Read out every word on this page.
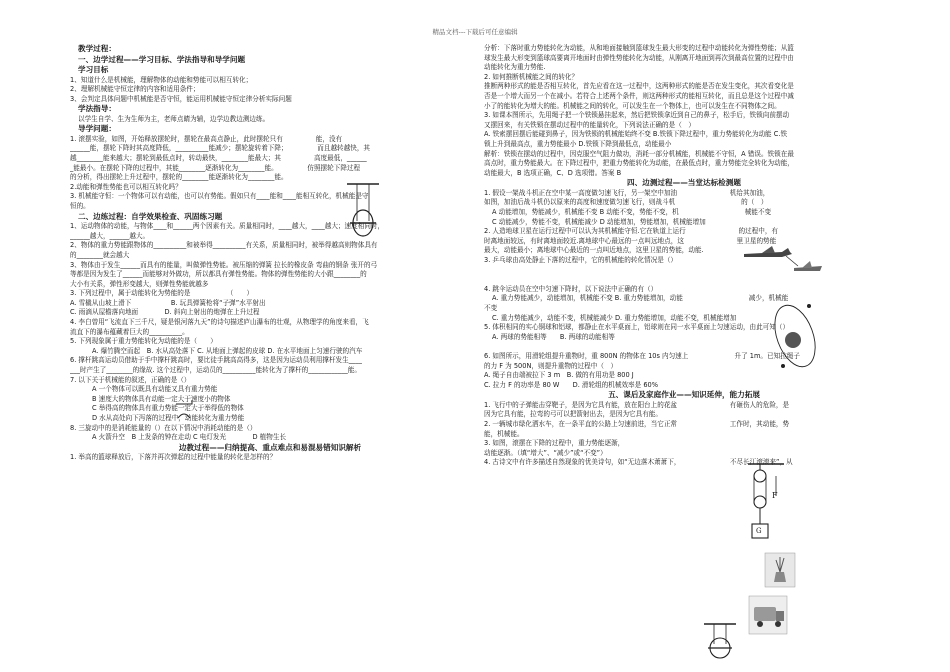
精品文档---下载后可任意编辑
教学过程：
一、边学过程——学习目标、学法指导和导学问题
学习目标
1、知道什么是机械能，理解物体的动能和势能可以相互转化；
2、理解机械能守恒定律的内容和适用条件；
3、会判定具体问题中机械能是否守恒，能运用机械能守恒定律分析实际问题
学法指导：
以学生自学、生为生师为主，老师点睛为辅，边学边教边测边练。
导学问题：
1. 滚摆实验，如图，开始释放摆轮时，摆轮在最高点静止，此时摆轮只有　　　　　能，没有
______能，摆轮下降时其高度降低，__________能减少；摆轮旋转着下降；　　　　　而且越转越快，其
越________能来越大；摆轮到最低点时，转动最快，________能最大；其　　　　　高度最低，______
_能最小。在摆轮下降的过程中，其能________逐渐转化为________能。　　　　　仿照摆轮下降过程
的分析，得出摆轮上升过程中，摆轮的________能逐渐转化为________能。
2.动能和弹性势能也可以相互转化吗？
3. 机械能守恒：一个物体可以有动能，也可以有势能。假如只有____能和____能相互转化，机械能是守
恒的。
二、边练过程：自学效果检查、巩固练习题
1、运动物体的动能，与物体____和______两个因素有关。质量相同时，____越大，____越大；速度相同时，
______越大，______越大。
2、物体的重力势能跟物体的__________和被举得__________有关系，质量相同时，被举得越高则物体具有
的________就会越大
3、物体由于发生______而具有的能量，叫做弹性势能。被压缩的弹簧 拉长的橡皮条 弯曲的钢条 张开的弓
等都是因为发生了______而能够对外做功，所以都具有弹性势能。物体的弹性势能的大小跟________的
大小有关系，弹性形变越大，则弹性势能就越多
3. 下列过程中，属于动能转化为势能的是　　　　　　（　　）
A. 雪橇从山坡上滑下　　　　　　B. 玩具弹簧枪将“子弹”水平射出
C. 雨滴从屋檐落向地面　　　　D. 斜向上射出的炮弹在上升过程
4. 李白曾用“飞流直下三千尺，疑是银河落九天”的诗句描述庐山瀑布的壮观，从物理学的角度来看，飞
流直下的瀑布蕴藏着巨大的__________。
5. 下列现象属于重力势能转化为动能的是（　　）
A. 爆竹腾空而起　B. 水从高处落下 C. 从地面上弹起的皮球 D. 在水平地面上匀速行驶的汽车
6. 撑杆跳高运动员借助于手中撑杆跳高时，要比徒手跳高高得多，这是因为运动员利用撑杆发生____
___时产生了________的缘故. 这个过程中，运动员的__________能转化为了撑杆的____________能。
7. 以下关于机械能的叙述，正确的是（）
A 一个物体可以既具有动能又具有重力势能
B 速度大的物体具有动能一定大于速度小的物体
C 举得高的物体具有重力势能一定大于举得低的物体
D 水从高处向下泻落的过程中，动能转化为重力势能
8. 三旋动中的是消耗能量的（）在以下情况中消耗动能的是（）
A 火箭升空　B 上发条的钟在走动 C 电灯发光　　　　D 植物生长
边教过程——归纳提高、重点难点和易混易错知识解析
1. 举高的篮球释放后，下落并再次弹起的过程中能量的转化是怎样的？
分析：下落时重力势能转化为动能，从和地面接触到篮球发生最大形变的过程中动能转化为弹性势能；从篮
球发生最大形变到篮球高要离开地面时由弹性势能转化为动能，从刚离开地面到再次到最高位置的过程中由
动能转化为重力势能.
2. 如何推断机械能之间的转化？
推断两种形式的能是否相互转化，首先应看在这一过程中，这两种形式的能是否在发生变化，其次看变化是
否是一个增大而另一个在减小。若符合上述两个条件，则这两种形式的能相互转化，而且总是这个过程中减
小了的能转化为增大的能。机械能之间的转化，可以发生在一个物体上，也可以发生在不同物体之间。
3. 如课本图所示，先用绳子把一个铁锁悬挂起来，然后把铁锁拿近到自己的鼻子，松手后，铁锁向前摆动
又摆回来，有关铁锁在摆动过程中的能量转化，下列说法正确的是（　）
A. 铁索摆回摆后能碰到鼻子，因为铁锁的机械能始终不变 B.铁锁下降过程中，重力势能转化为动能 C.铁
锁上升到最高点，重力势能最小 D.铁锁下降到最低点，动能最小
解析：铁锁在摆动的过程中，因克服空气阻力做功，消耗一部分机械能，机械能不守恒，A 错误。铁锁在最
高点时，重力势能最大。在下降过程中，把重力势能转化为动能，在最低点时，重力势能完全转化为动能，
动能最大，B 选项正确，C、D 选项错。答案 B
四、边测过程——当堂达标检测题
1. 假设一架战斗机正在空中某一高度做匀速飞行，另一架空中加油　　　　　　　　机给其加油，
如图，加油后战斗机仍以原来的高度和速度做匀速飞行，则战斗机　　　　　　　　　　的（　）
A 动能增加，势能减少，机械能不变 B 动能不变，势能不变，机　　　　　　　　　　械能不变
C 动能减少，势能不变，机械能减少 D 动能增加，势能增加，机械能增加
2. 人造地球卫星在运行过程中可以认为其机械能守恒.它在轨道上运行　　　　　　　　的过程中，有
时离地面较远，有时离地面较近.离地球中心最远的一点叫远地点，这　　　　　　　　里卫星的势能
最大，动能最小；离地球中心最近的一点叫近地点，这里卫星的势能，动能.
3. 乒乓球由高处静止下落的过程中，它的机械能的转化情况是（）

4. 跳伞运动员在空中匀速下降时，以下说法中正确的有（）
A. 重力势能减少，动能增加，机械能不变 B. 重力势能增加，动能　　　　　　　　　　减少，机械能
不变
C. 重力势能减少，动能不变，机械能减少 D. 重力势能增加，动能不变，机械能增加
5. 体积相同的实心铜球和铝球，都静止在水平桌面上，铝球则在同一水平桌面上匀速运动，由此可知（）
A. 两球的势能相等　　B. 两球的动能相等

6. 如图所示，用滑轮组提升重物时，重 800N 的物体在 10s 内匀速上　　　　　　　升了 1m。已知拉绳子
的力 F 为 500N，则提升重物的过程中（　）
A. 绳子自由端被拉下 3 m　B. 做的有用功是 800 J
C. 拉力 F 的功率是 80 W　　D. 滑轮组的机械效率是 60%
五、课后及家庭作业——知识延伸，能力拓展
1. 飞行中的子弹能击穿靶子，是因为它具有能，放在阳台上的花盆　　　　　　　　有砸伤人的危险，是
因为它具有能，拉弯的弓可以把箭射出去，是因为它具有能。
2. 一辆城市绿化洒水车，在一条平直的公路上匀速前进，当它正常　　　　　　　　工作时，其动能，势
能，机械能。
3. 如图，滚摆在下降的过程中，重力势能逐渐，
动能逐渐。（填“增大”、“减少”或“不变”）
4. 古诗文中有许多描述自然现象的优美诗句，如“无边落木萧萧下，　　　　　　　　不尽长江滚滚来”，从
F
G
